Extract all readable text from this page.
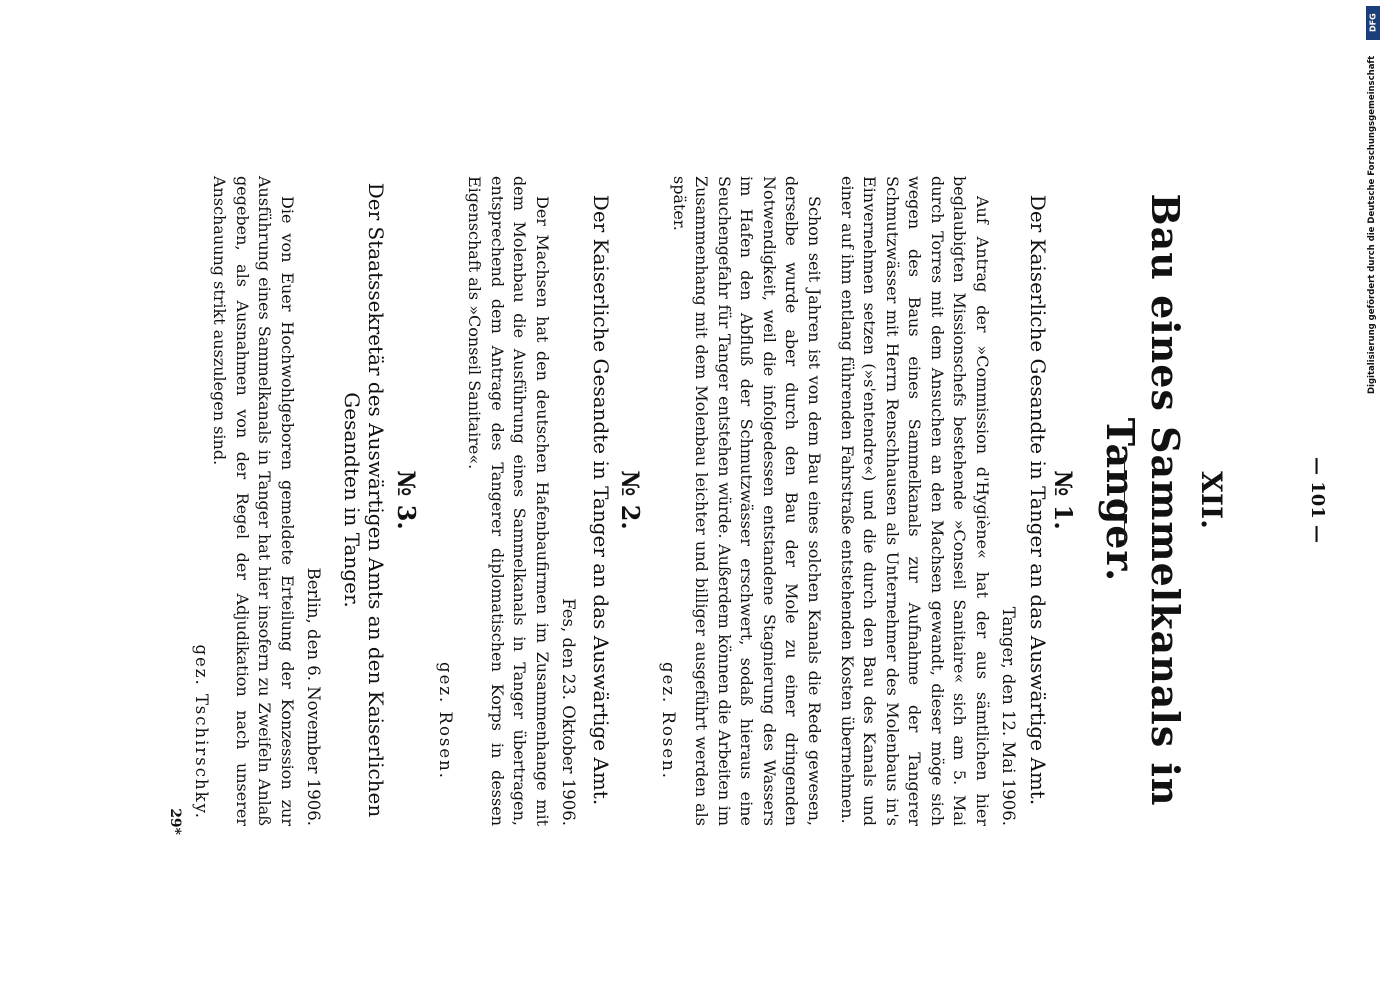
— 101 —
XII.
Bau eines Sammelkanals in Tanger.
№ 1.
Der Kaiserliche Gesandte in Tanger an das Auswärtige Amt.
Tanger, den 12. Mai 1906.
Auf Antrag der »Commission d'Hygiène« hat der aus sämtlichen hier beglaubigten Missionschefs bestehende »Conseil Sanitaire« sich am 5. Mai durch Torres mit dem Ansuchen an den Machsen gewandt, dieser möge sich wegen des Baus eines Sammelkanals zur Aufnahme der Tangerer Schmutzwässer mit Herrn Renschhausen als Unternehmer des Molenbaus in's Einvernehmen setzen (»s'entendre«) und die durch den Bau des Kanals und einer auf ihm entlang führenden Fahrstraße entstehenden Kosten übernehmen.
Schon seit Jahren ist von dem Bau eines solchen Kanals die Rede gewesen, derselbe wurde aber durch den Bau der Mole zu einer dringenden Notwendigkeit, weil die infolgedessen entstandene Stagnierung des Wassers im Hafen den Abfluß der Schmutzwässer erschwert, sodaß hieraus eine Seuchengefahr für Tanger entstehen würde. Außerdem können die Arbeiten im Zusammenhang mit dem Molenbau leichter und billiger ausgeführt werden als später.
gez. Rosen.
№ 2.
Der Kaiserliche Gesandte in Tanger an das Auswärtige Amt.
Fes, den 23. Oktober 1906.
Der Machsen hat den deutschen Hafenbaufirmen im Zusammenhange mit dem Molenbau die Ausführung eines Sammelkanals in Tanger übertragen, entsprechend dem Antrage des Tangerer diplomatischen Korps in dessen Eigenschaft als »Conseil Sanitaire«.
gez. Rosen.
№ 3.
Der Staatssekretär des Auswärtigen Amts an den Kaiserlichen Gesandten in Tanger.
Berlin, den 6. November 1906.
Die von Euer Hochwohlgeboren gemeldete Erteilung der Konzession zur Ausführung eines Sammelkanals in Tanger hat hier insofern zu Zweifeln Anlaß gegeben, als Ausnahmen von der Regel der Adjudikation nach unserer Anschauung strikt auszulegen sind.
gez. Tschirschky.
29*
DFG
Digitalisierung gefördert durch die Deutsche Forschungsgemeinschaft
